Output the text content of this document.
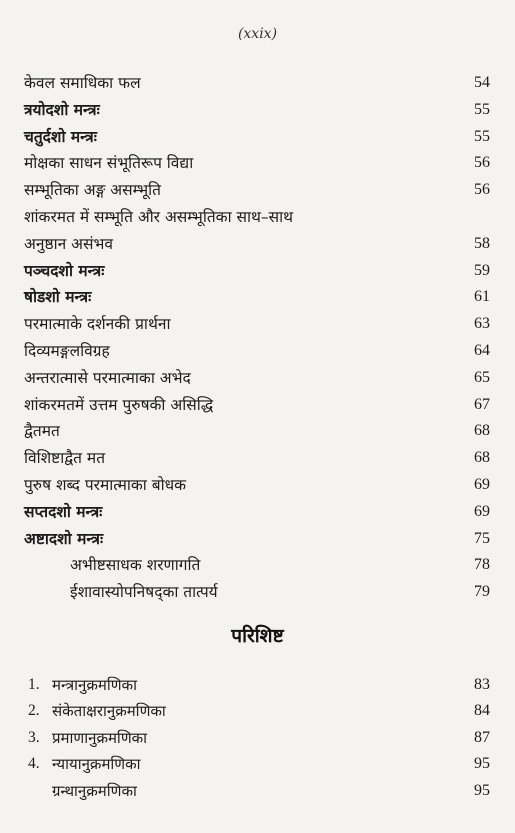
(xxix)
केवल समाधिका फल	54
त्रयोदशो मन्त्रः	55
चतुर्दशो मन्त्रः	55
मोक्षका साधन संभूतिरूप विद्या	56
सम्भूतिका अङ्ग असम्भूति	56
शांकरमत में सम्भूति और असम्भूतिका साथ–साथ
अनुष्ठान असंभव	58
पञ्चदशो मन्त्रः	59
षोडशो मन्त्रः	61
परमात्माके दर्शनकी प्रार्थना	63
दिव्यमङ्गलविग्रह	64
अन्तरात्मासे परमात्माका अभेद	65
शांकरमतमें उत्तम पुरुषकी असिद्धि	67
द्वैतमत	68
विशिष्टाद्वैत मत	68
पुरुष शब्द परमात्माका बोधक	69
सप्तदशो मन्त्रः	69
अष्टादशो मन्त्रः	75
अभीष्टसाधक शरणागति	78
ईशावास्योपनिषद्का तात्पर्य	79
परिशिष्ट
1. मन्त्रानुक्रमणिका	83
2. संकेताक्षरानुक्रमणिका	84
3. प्रमाणानुक्रमणिका	87
4. न्यायानुक्रमणिका	95
ग्रन्थानुक्रमणिका	95
